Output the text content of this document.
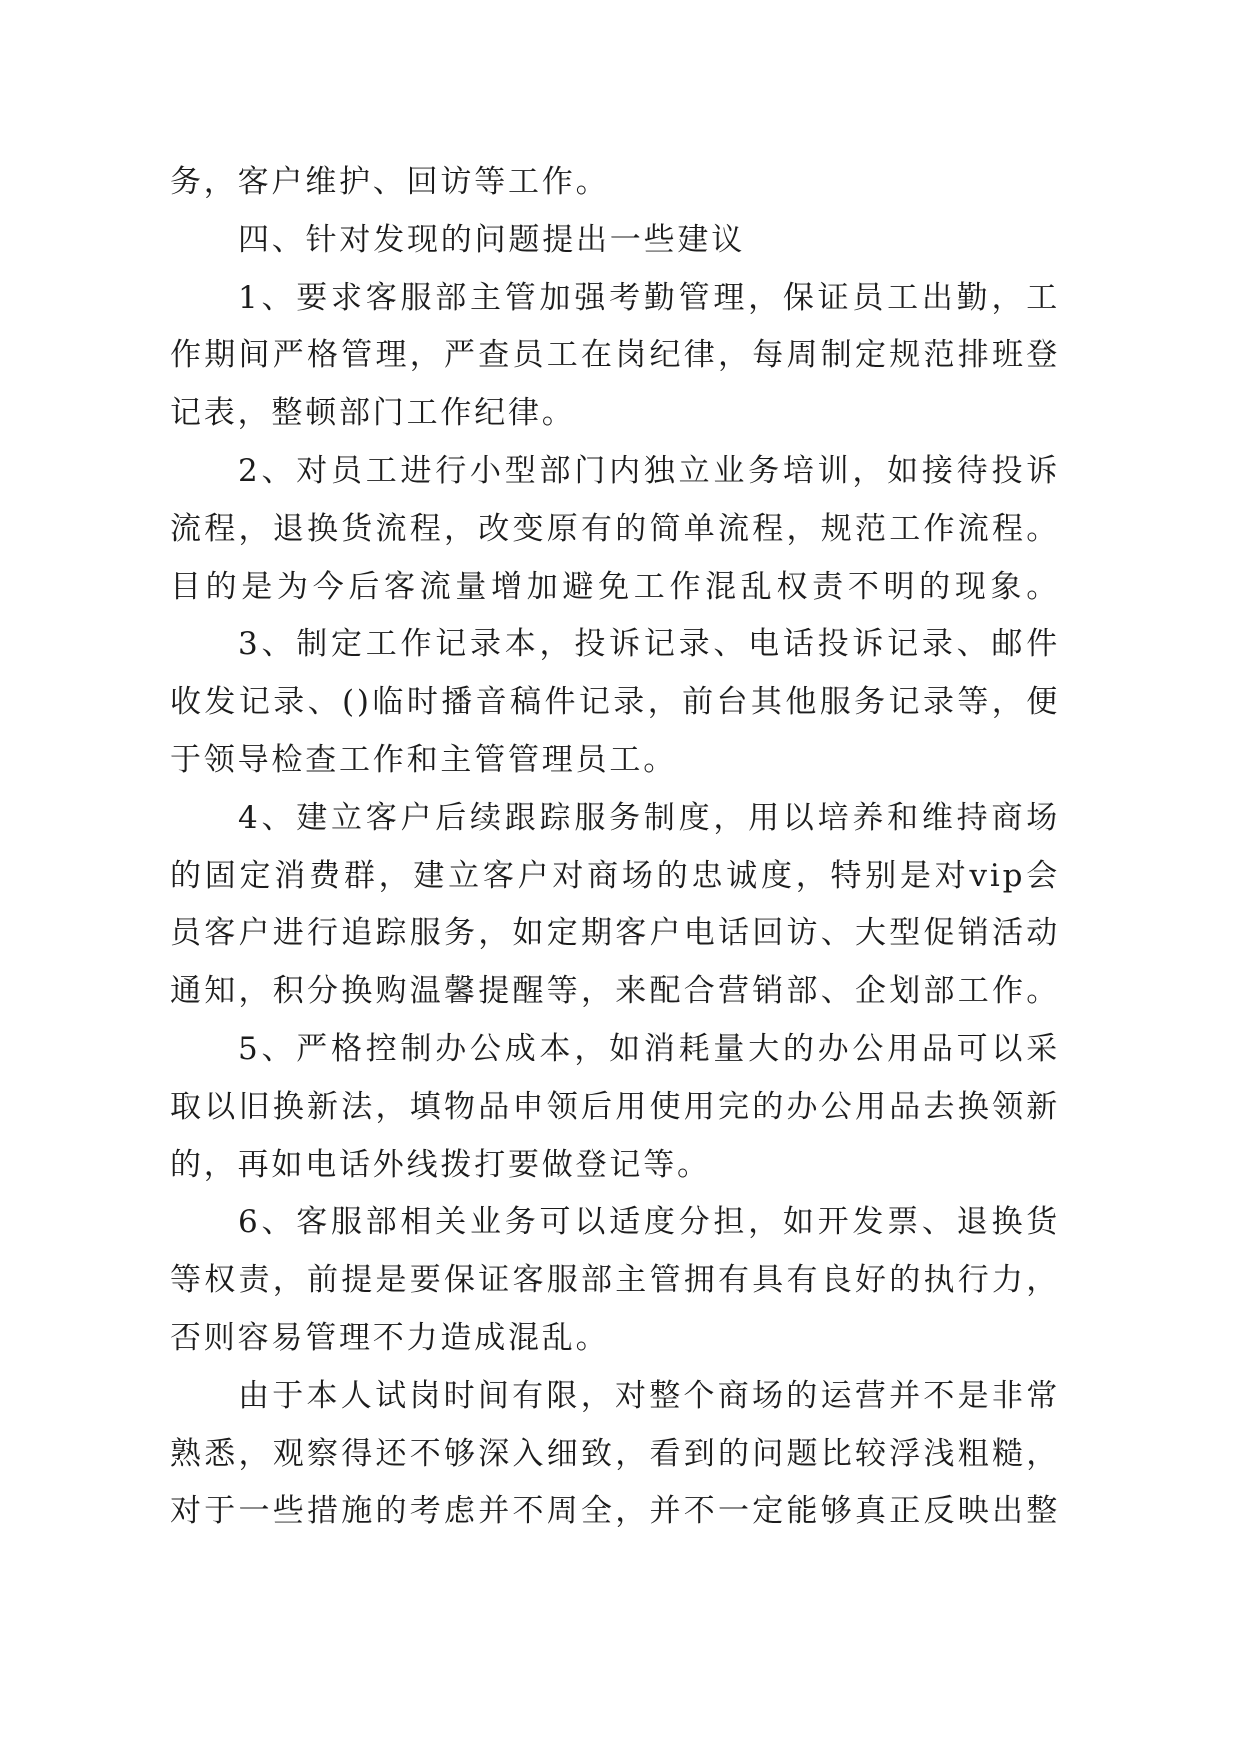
务，客户维护、回访等工作。
四、针对发现的问题提出一些建议
1、要求客服部主管加强考勤管理，保证员工出勤，工
作期间严格管理，严查员工在岗纪律，每周制定规范排班登
记表，整顿部门工作纪律。
2、对员工进行小型部门内独立业务培训，如接待投诉
流程，退换货流程，改变原有的简单流程，规范工作流程。
目的是为今后客流量增加避免工作混乱权责不明的现象。
3、制定工作记录本，投诉记录、电话投诉记录、邮件
收发记录、()临时播音稿件记录，前台其他服务记录等，便
于领导检查工作和主管管理员工。
4、建立客户后续跟踪服务制度，用以培养和维持商场
的固定消费群，建立客户对商场的忠诚度，特别是对vip会
员客户进行追踪服务，如定期客户电话回访、大型促销活动
通知，积分换购温馨提醒等，来配合营销部、企划部工作。
5、严格控制办公成本，如消耗量大的办公用品可以采
取以旧换新法，填物品申领后用使用完的办公用品去换领新
的，再如电话外线拨打要做登记等。
6、客服部相关业务可以适度分担，如开发票、退换货
等权责，前提是要保证客服部主管拥有具有良好的执行力，
否则容易管理不力造成混乱。
由于本人试岗时间有限，对整个商场的运营并不是非常
熟悉，观察得还不够深入细致，看到的问题比较浮浅粗糙，
对于一些措施的考虑并不周全，并不一定能够真正反映出整
